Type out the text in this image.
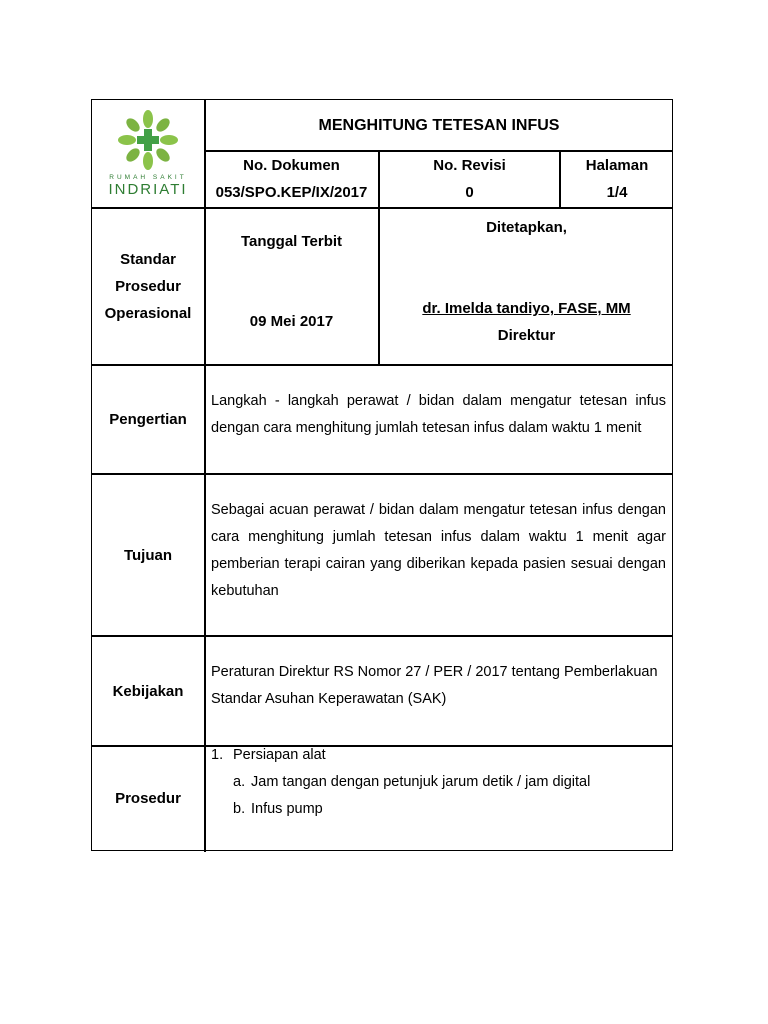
RUMAH SAKIT
INDRIATI
MENGHITUNG TETESAN INFUS
No. Dokumen
053/SPO.KEP/IX/2017
No. Revisi
0
Halaman
1/4
Standar
Prosedur
Operasional
Tanggal Terbit
09 Mei 2017
Ditetapkan,
dr. Imelda tandiyo, FASE, MM
Direktur
Pengertian
Langkah - langkah perawat / bidan dalam mengatur tetesan infus dengan cara menghitung jumlah tetesan infus dalam waktu 1 menit
Tujuan
Sebagai acuan perawat / bidan dalam mengatur tetesan infus dengan cara menghitung jumlah tetesan infus dalam waktu 1 menit agar pemberian terapi cairan yang diberikan kepada pasien sesuai dengan kebutuhan
Kebijakan
Peraturan Direktur RS Nomor 27 / PER / 2017 tentang Pemberlakuan Standar Asuhan Keperawatan (SAK)
Prosedur
1. Persiapan alat
a. Jam tangan dengan petunjuk jarum detik / jam digital
b. Infus pump
